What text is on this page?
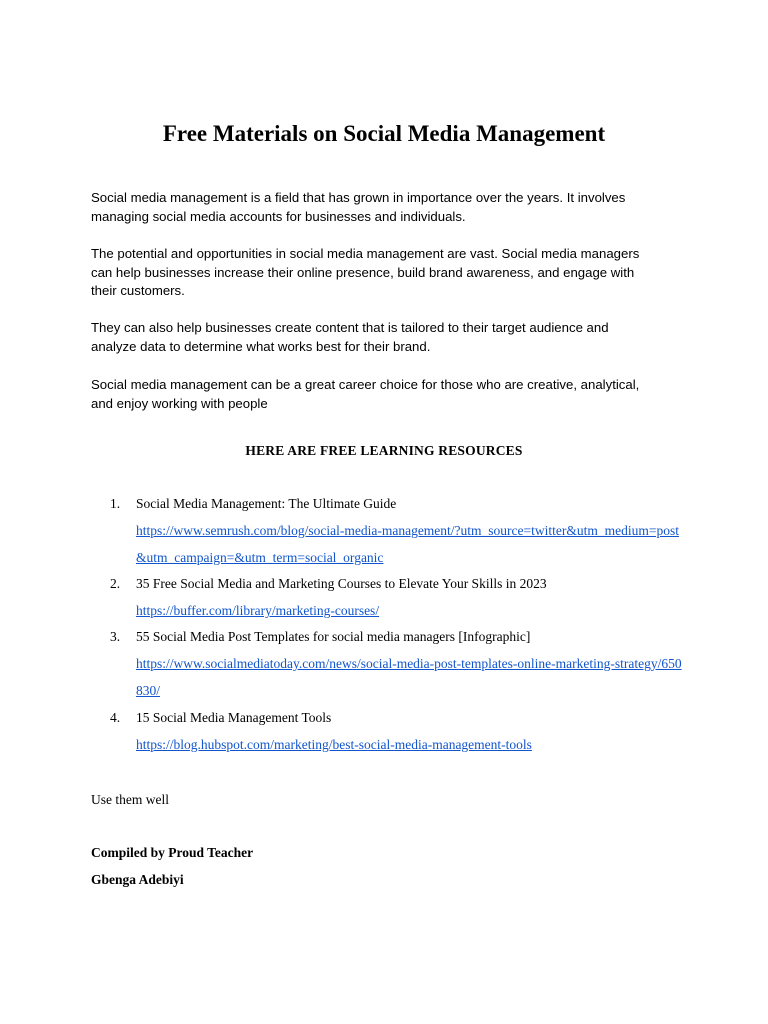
Free Materials on Social Media Management

Social media management is a field that has grown in importance over the years. It involves
managing social media accounts for businesses and individuals.

The potential and opportunities in social media management are vast. Social media managers
can help businesses increase their online presence, build brand awareness, and engage with
their customers.

They can also help businesses create content that is tailored to their target audience and
analyze data to determine what works best for their brand.

Social media management can be a great career choice for those who are creative, analytical,
and enjoy working with people

HERE ARE FREE LEARNING RESOURCES
1.	Social Media Management: The Ultimate Guide
https://www.semrush.com/blog/social-media-management/?utm_source=twitter&utm_medium=post&utm_campaign=&utm_term=social_organic
2.	35 Free Social Media and Marketing Courses to Elevate Your Skills in 2023
https://buffer.com/library/marketing-courses/
3.	55 Social Media Post Templates for social media managers [Infographic]
https://www.socialmediatoday.com/news/social-media-post-templates-online-marketing-strategy/650830/
4.	15 Social Media Management Tools
https://blog.hubspot.com/marketing/best-social-media-management-tools

Use them well

Compiled by Proud Teacher

Gbenga Adebiyi
